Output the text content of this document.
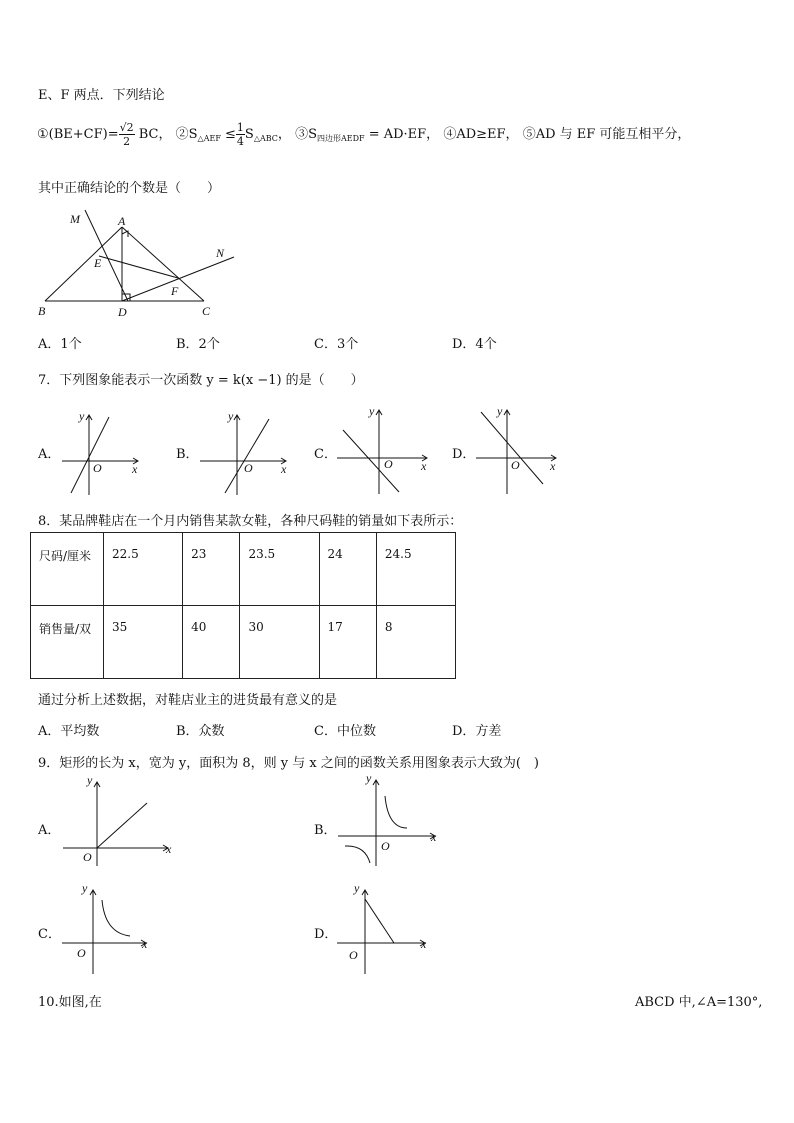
E、F 两点．下列结论
①(BE+CF)= $\frac{√2}{2}$ BC， $②S_{\triangle AEF} \le \frac{1}{4} S_{\triangle ABC}$， $③S_{四边形AEDF} = AD\cdot EF$， ④AD≥EF， ⑤AD 与 EF 可能互相平分，
其中正确结论的个数是（　　）
M	A
E
N
F
B	D	C
A．1个	B．2个	C．3个	D．4个
7．下列图象能表示一次函数 y = k(x −1) 的是（　　）
A．
y
x
O
B．
y
x
O
C．
y
x
O
D．
y
x
O
8．某品牌鞋店在一个月内销售某款女鞋，各种尺码鞋的销量如下表所示：
尺码/厘米	22.5	23	23.5	24	24.5
销售量/双	35	40	30	17	8
通过分析上述数据，对鞋店业主的进货最有意义的是
A．平均数	B．众数	C．中位数	D．方差
9．矩形的长为 x，宽为 y，面积为 8，则 y 与 x 之间的函数关系用图象表示大致为(　)
A．
y
x
O
B．
y
x
O
C．
y
x
O
D．
y
x
O
10.如图,在	ABCD 中,∠A=130°,
